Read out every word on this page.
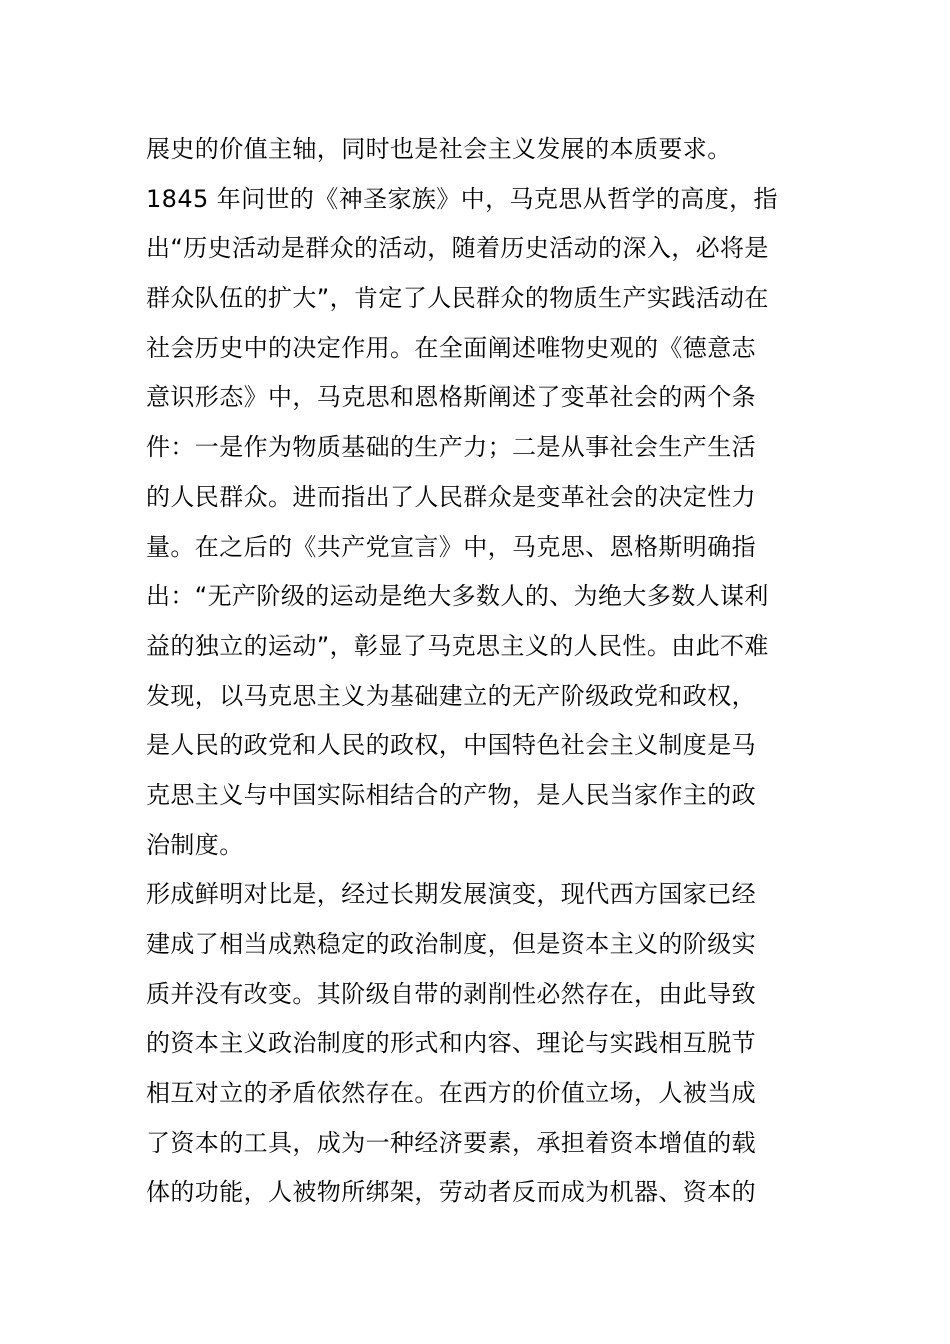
展史的价值主轴，同时也是社会主义发展的本质要求。
1845 年问世的《神圣家族》中，马克思从哲学的高度，指
出“历史活动是群众的活动，随着历史活动的深入，必将是
群众队伍的扩大”，肯定了人民群众的物质生产实践活动在
社会历史中的决定作用。在全面阐述唯物史观的《德意志
意识形态》中，马克思和恩格斯阐述了变革社会的两个条
件：一是作为物质基础的生产力；二是从事社会生产生活
的人民群众。进而指出了人民群众是变革社会的决定性力
量。在之后的《共产党宣言》中，马克思、恩格斯明确指
出：“无产阶级的运动是绝大多数人的、为绝大多数人谋利
益的独立的运动”，彰显了马克思主义的人民性。由此不难
发现，以马克思主义为基础建立的无产阶级政党和政权，
是人民的政党和人民的政权，中国特色社会主义制度是马
克思主义与中国实际相结合的产物，是人民当家作主的政
治制度。
形成鲜明对比是，经过长期发展演变，现代西方国家已经
建成了相当成熟稳定的政治制度，但是资本主义的阶级实
质并没有改变。其阶级自带的剥削性必然存在，由此导致
的资本主义政治制度的形式和内容、理论与实践相互脱节
相互对立的矛盾依然存在。在西方的价值立场，人被当成
了资本的工具，成为一种经济要素，承担着资本增值的载
体的功能，人被物所绑架，劳动者反而成为机器、资本的
